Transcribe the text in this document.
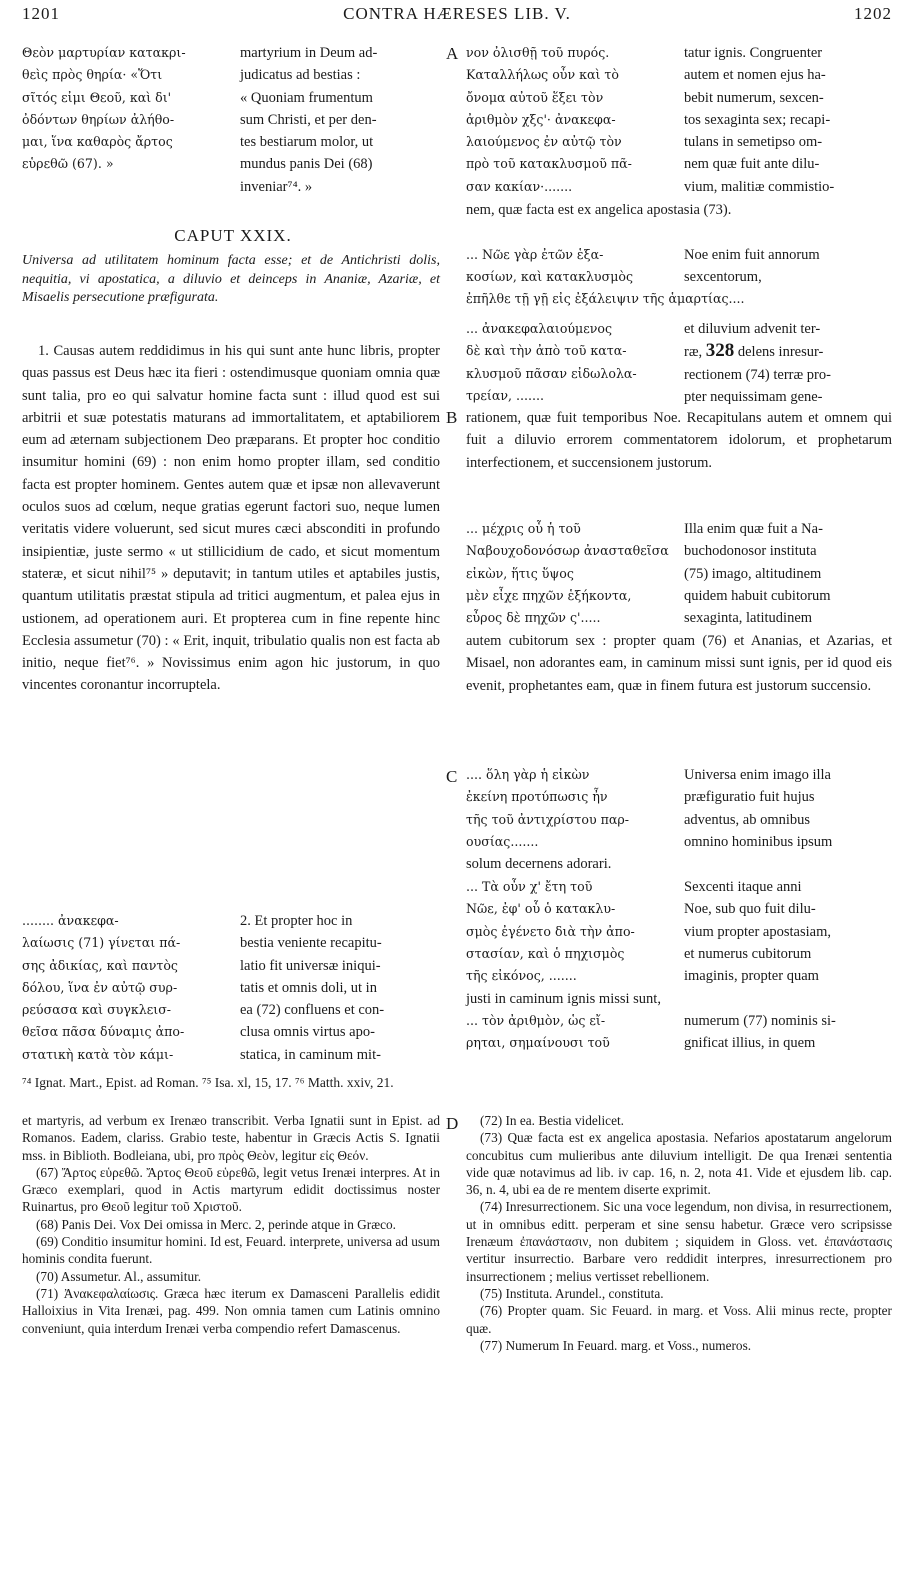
1201	CONTRA HÆRESES LIB. V.	1202
A
B
C
D
Θεὸν μαρτυρίαν κατακρι-
θεὶς πρὸς θηρία· «Ὅτι
σῖτός εἰμι Θεοῦ, καὶ δι'
ὀδόντων θηρίων ἀλήθο-
μαι, ἵνα καθαρὸς ἄρτος
εὑρεθῶ (67). »
martyrium in Deum ad-
judicatus ad bestias :
« Quoniam frumentum
sum Christi, et per den-
tes bestiarum molor, ut
mundus panis Dei (68)
inveniar⁷⁴. »
CAPUT XXIX.
Universa ad utilitatem hominum facta esse; et de Antichristi dolis, nequitia, vi apostatica, a diluvio et deinceps in Ananiæ, Azariæ, et Misaelis persecutione præfigurata.
1. Causas autem reddidimus in his qui sunt ante hunc libris, propter quas passus est Deus hæc ita fieri : ostendimusque quoniam omnia quæ sunt talia, pro eo qui salvatur homine facta sunt : illud quod est sui arbitrii et suæ potestatis maturans ad immortalitatem, et aptabiliorem eum ad æternam subjectionem Deo præparans. Et propter hoc conditio insumitur homini (69) : non enim homo propter illam, sed conditio facta est propter hominem. Gentes autem quæ et ipsæ non allevaverunt oculos suos ad cœlum, neque gratias egerunt factori suo, neque lumen veritatis videre voluerunt, sed sicut mures cæci absconditi in profundo insipientiæ, juste sermo « ut stillicidium de cado, et sicut momentum stateræ, et sicut nihil⁷⁵ » deputavit; in tantum utiles et aptabiles justis, quantum utilitatis præstat stipula ad tritici augmentum, et palea ejus in ustionem, ad operationem auri. Et propterea cum in fine repente hinc Ecclesia assumetur (70) : « Erit, inquit, tribulatio qualis non est facta ab initio, neque fiet⁷⁶. » Novissimus enim agon hic justorum, in quo vincentes coronantur incorruptela.
........ ἀνακεφα-
λαίωσις (71) γίνεται πά-
σης ἀδικίας, καὶ παντὸς
δόλου, ἵνα ἐν αὐτῷ συρ-
ρεύσασα καὶ συγκλεισ-
θεῖσα πᾶσα δύναμις ἀπο-
στατικὴ κατὰ τὸν κάμι-
2. Et propter hoc in
bestia veniente recapitu-
latio fit universæ iniqui-
tatis et omnis doli, ut in
ea (72) confluens et con-
clusa omnis virtus apo-
statica, in caminum mit-
νον ὀλισθῇ τοῦ πυρός.
Καταλλήλως οὖν καὶ τὸ
ὄνομα αὐτοῦ ἕξει τὸν
ἀριθμὸν χξς'· ἀνακεφα-
λαιούμενος ἐν αὐτῷ τὸν
πρὸ τοῦ κατακλυσμοῦ πᾶ-
σαν κακίαν·.......
tatur ignis. Congruenter
autem et nomen ejus ha-
bebit numerum, sexcen-
tos sexaginta sex; recapi-
tulans in semetipso om-
nem quæ fuit ante dilu-
vium, malitiæ commistio-
nem, quæ facta est ex angelica apostasia (73).
... Νῶε γὰρ ἐτῶν ἑξα-
κοσίων, καὶ κατακλυσμὸς
Noe enim fuit annorum
sexcentorum,
ἐπῆλθε τῇ γῇ εἰς ἐξάλειψιν τῆς ἁμαρτίας....
... ἀνακεφαλαιούμενος
δὲ καὶ τὴν ἀπὸ τοῦ κατα-
κλυσμοῦ πᾶσαν εἰδωλολα-
τρείαν, .......
et diluvium advenit ter-
ræ, 328 delens inresur-
rectionem (74) terræ pro-
pter nequissimam gene-
rationem, quæ fuit temporibus Noe. Recapitulans autem et omnem qui fuit a diluvio errorem commentatorem idolorum, et prophetarum interfectionem, et succensionem justorum.
... μέχρις οὗ ἡ τοῦ
Ναβουχοδονόσωρ ἀνασταθεῖσα
εἰκὼν, ἥτις ὕψος
μὲν εἶχε πηχῶν ἑξήκοντα,
εὖρος δὲ πηχῶν ς'.....
Illa enim quæ fuit a Na-
buchodonosor instituta
(75) imago, altitudinem
quidem habuit cubitorum
sexaginta, latitudinem
autem cubitorum sex : propter quam (76) et Ananias, et Azarias, et Misael, non adorantes eam, in caminum missi sunt ignis, per id quod eis evenit, prophetantes eam, quæ in finem futura est justorum succensio.
.... ὅλη γὰρ ἡ εἰκὼν
ἐκείνη προτύπωσις ἦν
τῆς τοῦ ἀντιχρίστου παρ-
ουσίας.......
Universa enim imago illa
præfiguratio fuit hujus
adventus, ab omnibus
omnino hominibus ipsum
solum decernens adorari.
... Τὰ οὖν χ' ἔτη τοῦ
Νῶε, ἐφ' οὗ ὁ κατακλυ-
σμὸς ἐγένετο διὰ τὴν ἀπο-
στασίαν, καὶ ὁ πηχισμὸς
τῆς εἰκόνος, .......
Sexcenti itaque anni
Noe, sub quo fuit dilu-
vium propter apostasiam,
et numerus cubitorum
imaginis, propter quam
justi in caminum ignis missi sunt,
... τὸν ἀριθμὸν, ὡς εἴ-
ρηται, σημαίνουσι τοῦ
numerum (77) nominis si-
gnificat illius, in quem
⁷⁴ Ignat. Mart., Epist. ad Roman. ⁷⁵ Isa. xl, 15, 17. ⁷⁶ Matth. xxiv, 21.

et martyris, ad verbum ex Irenæo transcribit. Verba Ignatii sunt in Epist. ad Romanos. Eadem, clariss. Grabio teste, habentur in Græcis Actis S. Ignatii mss. in Biblioth. Bodleiana, ubi, pro πρὸς Θεὸν, legitur εἰς Θεόν.

(67) Ἄρτος εὑρεθῶ. Ἄρτος Θεοῦ εὑρεθῶ, legit vetus Irenæi interpres. At in Græco exemplari, quod in Actis martyrum edidit doctissimus noster Ruinartus, pro Θεοῦ legitur τοῦ Χριστοῦ.

(68) Panis Dei. Vox Dei omissa in Merc. 2, perinde atque in Græco.

(69) Conditio insumitur homini. Id est, Feuard. interprete, universa ad usum hominis condita fuerunt.

(70) Assumetur. Al., assumitur.

(71) Ἀνακεφαλαίωσις. Græca hæc iterum ex Damasceni Parallelis edidit Halloixius in Vita Irenæi, pag. 499. Non omnia tamen cum Latinis omnino conveniunt, quia interdum Irenæi verba compendio refert Damascenus.

(72) In ea. Bestia videlicet.

(73) Quæ facta est ex angelica apostasia. Nefarios apostatarum angelorum concubitus cum mulieribus ante diluvium intelligit. De qua Irenæi sententia vide quæ notavimus ad lib. iv cap. 16, n. 2, nota 41. Vide et ejusdem lib. cap. 36, n. 4, ubi ea de re mentem diserte exprimit.

(74) Inresurrectionem. Sic una voce legendum, non divisa, in resurrectionem, ut in omnibus editt. perperam et sine sensu habetur. Græce vero scripsisse Irenæum ἐπανάστασιν, non dubitem ; siquidem in Gloss. vet. ἐπανάστασις vertitur insurrectio. Barbare vero reddidit interpres, inresurrectionem pro insurrectionem ; melius vertisset rebellionem.

(75) Instituta. Arundel., constituta.

(76) Propter quam. Sic Feuard. in marg. et Voss. Alii minus recte, propter quæ.

(77) Numerum In Feuard. marg. et Voss., numeros.
